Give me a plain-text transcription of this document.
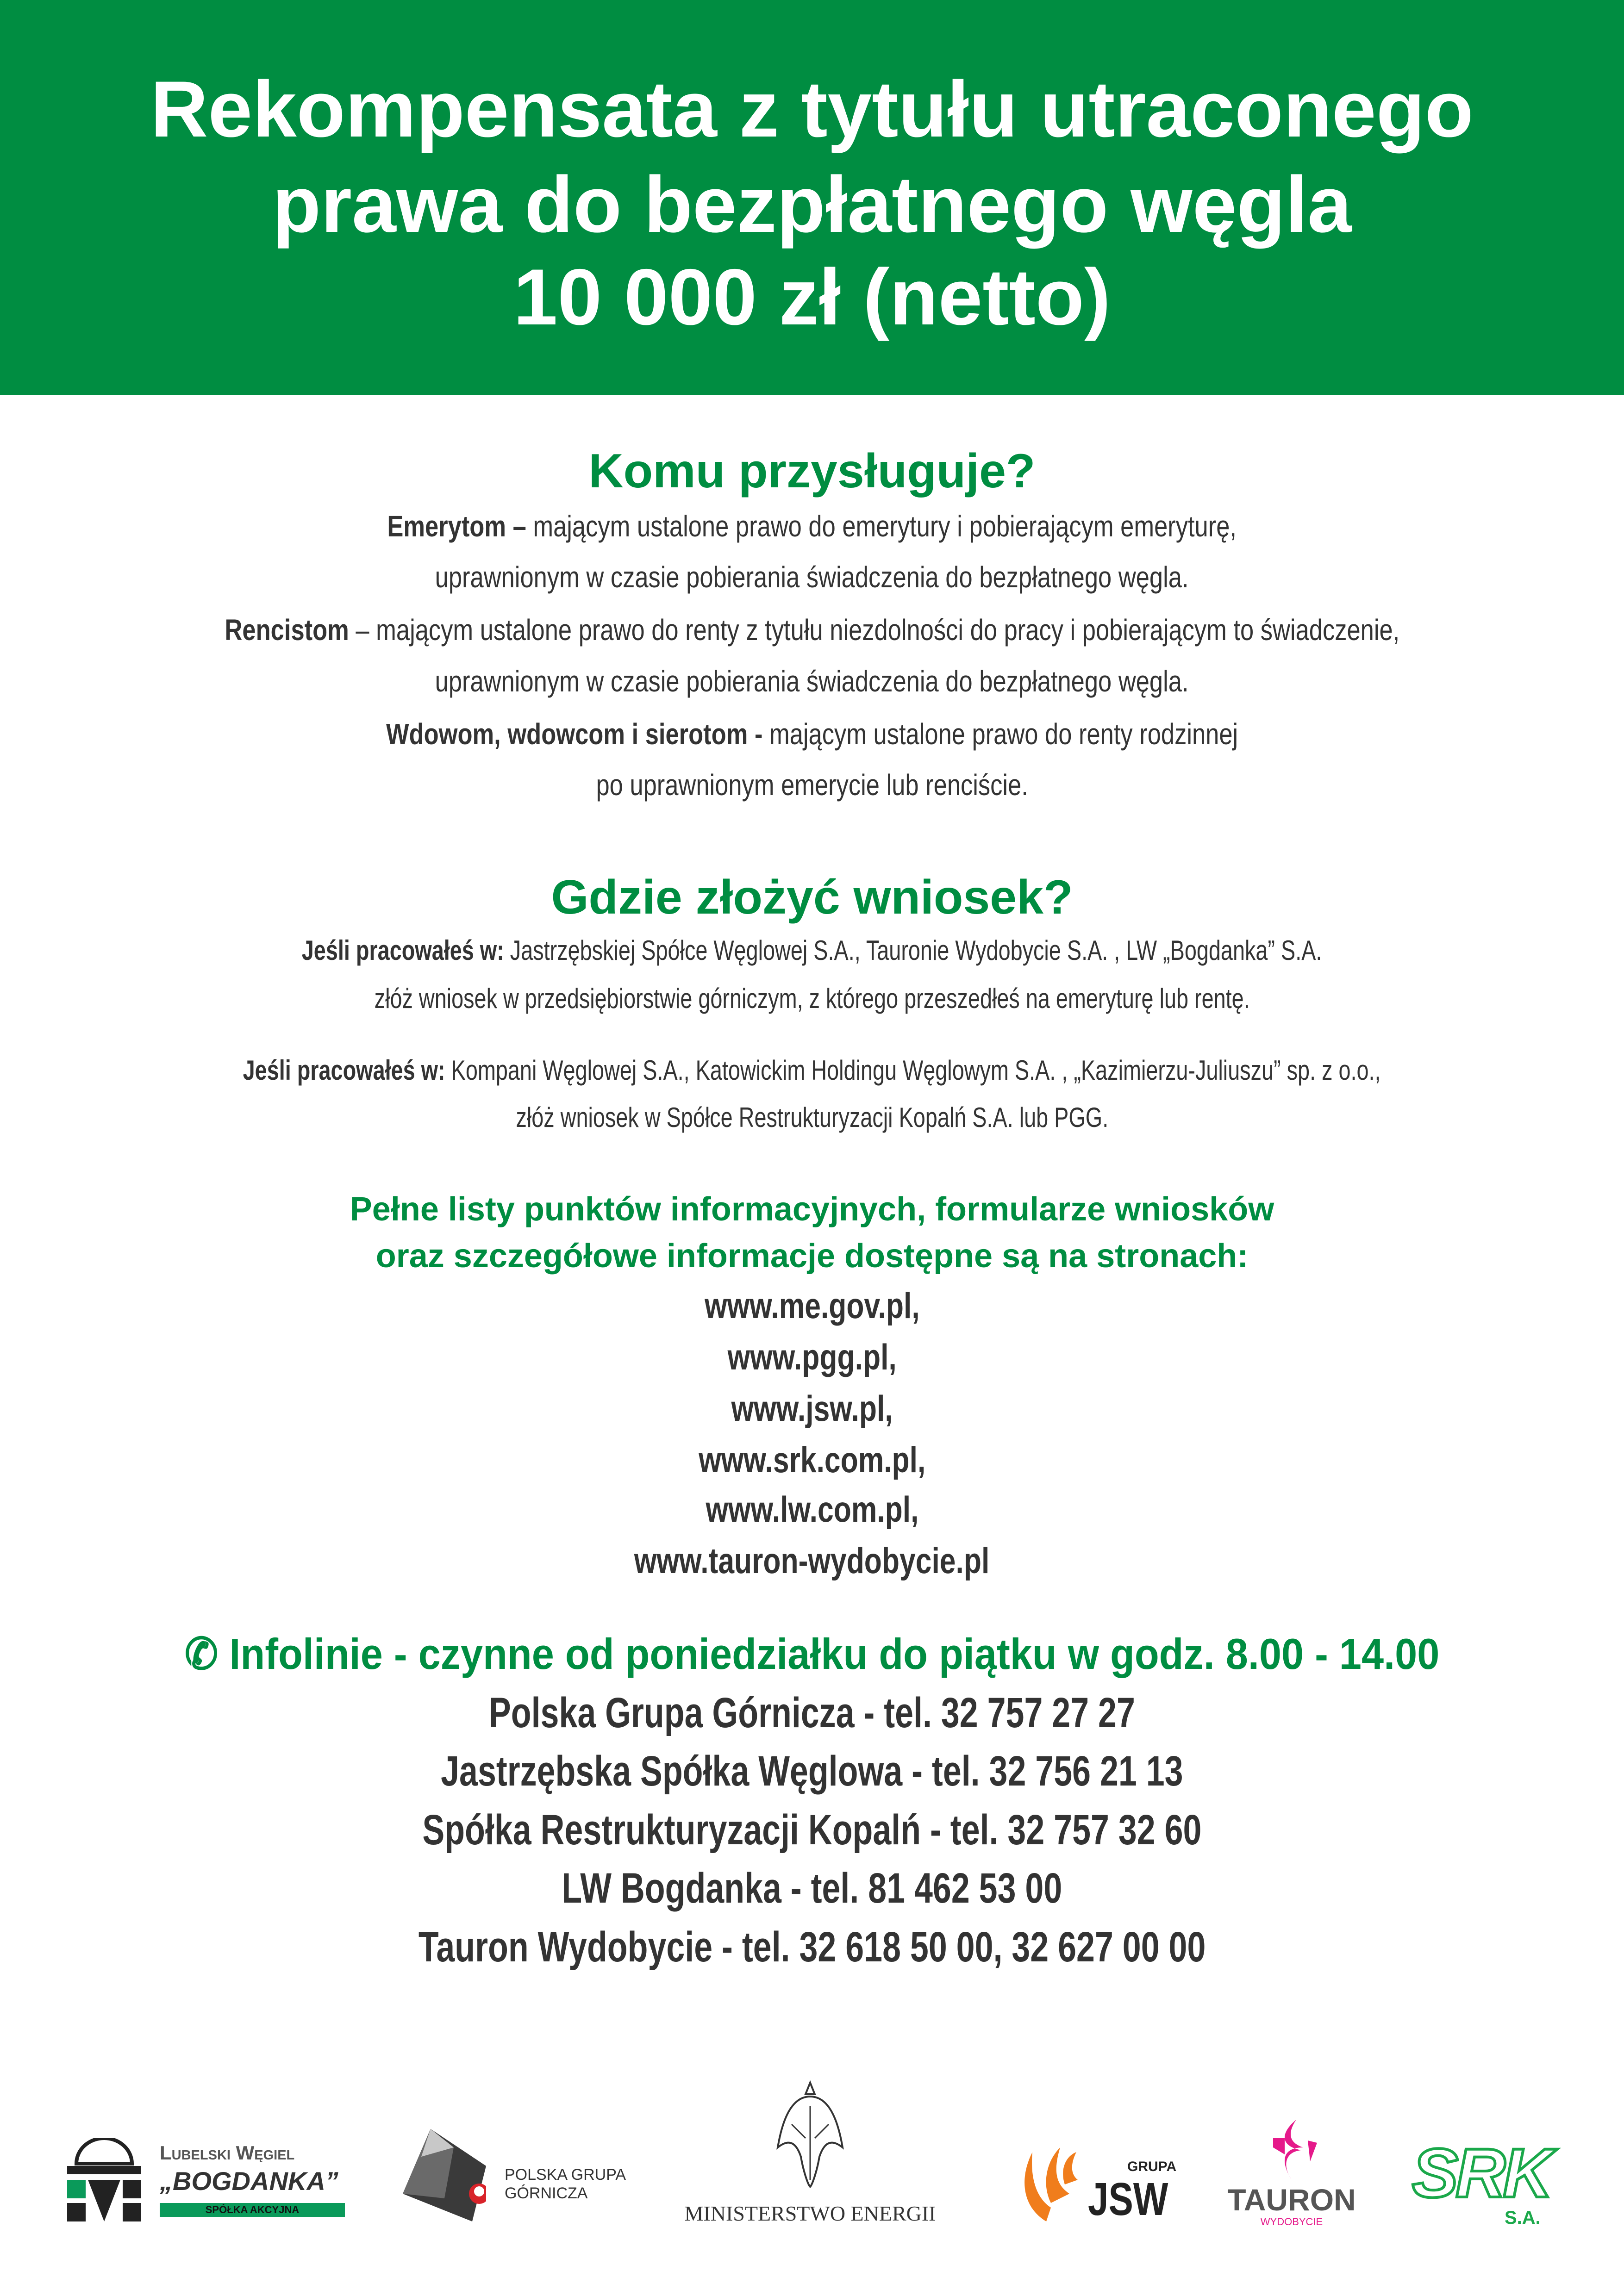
Rekompensata z tytułu utraconego
prawa do bezpłatnego węgla
10 000 zł (netto)
Komu przysługuje?
Emerytom – mającym ustalone prawo do emerytury i pobierającym emeryturę,
uprawnionym w czasie pobierania świadczenia do bezpłatnego węgla.
Rencistom – mającym ustalone prawo do renty z tytułu niezdolności do pracy i pobierającym to świadczenie,
uprawnionym w czasie pobierania świadczenia do bezpłatnego węgla.
Wdowom, wdowcom i sierotom - mającym ustalone prawo do renty rodzinnej
po uprawnionym emerycie lub renciście.
Gdzie złożyć wniosek?
Jeśli pracowałeś w: Jastrzębskiej Spółce Węglowej S.A., Tauronie Wydobycie S.A. , LW „Bogdanka” S.A.
złóż wniosek w przedsiębiorstwie górniczym, z którego przeszedłeś na emeryturę lub rentę.
Jeśli pracowałeś w: Kompani Węglowej S.A., Katowickim Holdingu Węglowym S.A. , „Kazimierzu-Juliuszu” sp. z o.o.,
złóż wniosek w Spółce Restrukturyzacji Kopalń S.A. lub PGG.
Pełne listy punktów informacyjnych, formularze wniosków
oraz szczegółowe informacje dostępne są na stronach:
www.me.gov.pl,
www.pgg.pl,
www.jsw.pl,
www.srk.com.pl,
www.lw.com.pl,
www.tauron-wydobycie.pl
✆ Infolinie - czynne od poniedziałku do piątku w godz. 8.00 - 14.00
Polska Grupa Górnicza - tel. 32 757 27 27
Jastrzębska Spółka Węglowa - tel. 32 756 21 13
Spółka Restrukturyzacji Kopalń - tel. 32 757 32 60
LW Bogdanka - tel. 81 462 53 00
Tauron Wydobycie - tel. 32 618 50 00, 32 627 00 00
Lubelski Węgiel
„BOGDANKA”
SPÓŁKA AKCYJNA
POLSKA GRUPA
GÓRNICZA
MINISTERSTWO ENERGII
GRUPA
JSW TAURON
WYDOBYCIE
SRK
S.A.
